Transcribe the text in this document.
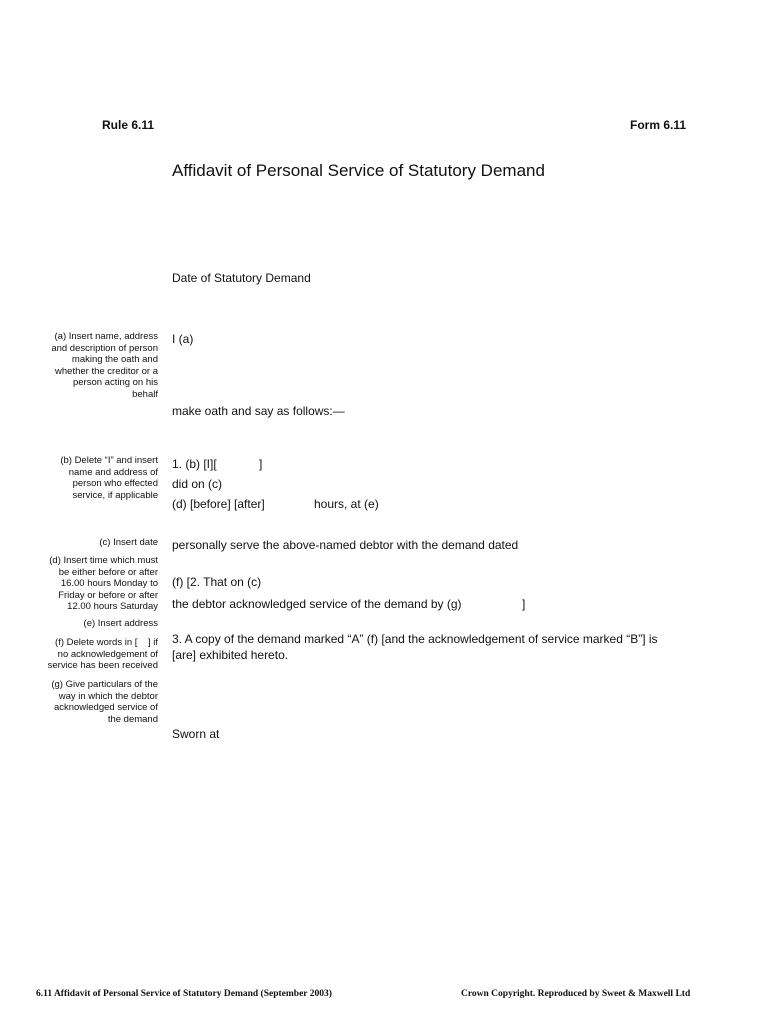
Rule 6.11	Form 6.11
Affidavit of Personal Service of Statutory Demand
Date of Statutory Demand
I (a)
make oath and say as follows:—
1. (b) [I][	]
did on (c)
(d) [before] [after]	hours, at (e)
personally serve the above-named debtor with the demand dated
(f) [2. That on (c)
the debtor acknowledged service of the demand by (g)	]
3. A copy of the demand marked “A” (f) [and the acknowledgement of service marked “B”] is
[are] exhibited hereto.
Sworn at
(a) Insert name, address
and description of person
making the oath and
whether the creditor or a
person acting on his
behalf
(b) Delete “I” and insert
name and address of
person who effected
service, if applicable
(c) Insert date
(d) Insert time which must
be either before or after
16.00 hours Monday to
Friday or before or after
12.00 hours Saturday
(e) Insert address
(f) Delete words in [    ] if
no acknowledgement of
service has been received
(g) Give particulars of the
way in which the debtor
acknowledged service of
the demand
6.11 Affidavit of Personal Service of Statutory Demand (September 2003)	Crown Copyright. Reproduced by Sweet & Maxwell Ltd
